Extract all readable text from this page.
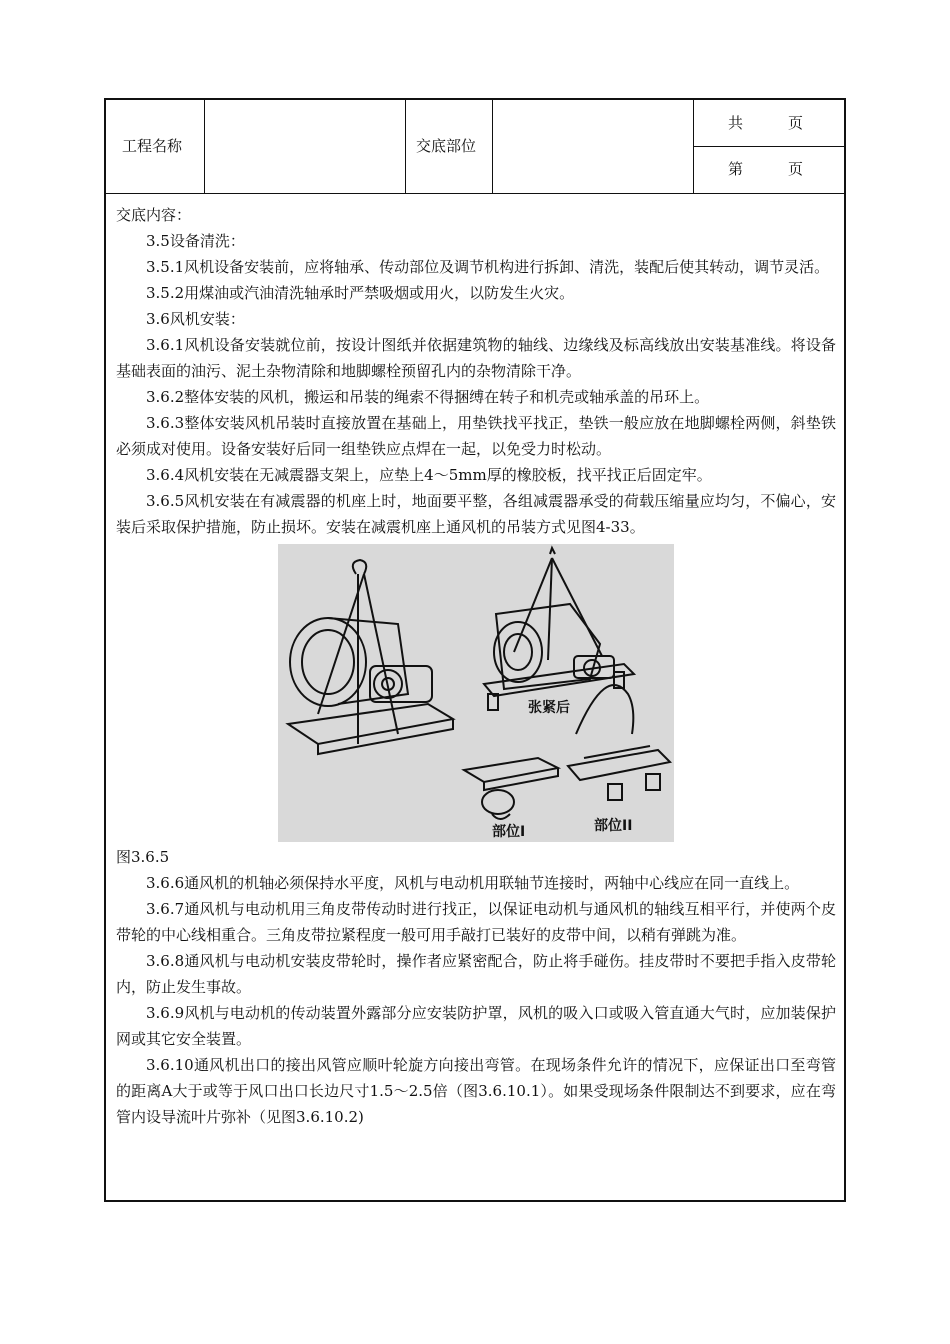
工程名称	交底部位
共　　　页
第　　　页

交底内容：

3.5设备清洗：

3.5.1风机设备安装前，应将轴承、传动部位及调节机构进行拆卸、清洗，装配后使其转动，调节灵活。

3.5.2用煤油或汽油清洗轴承时严禁吸烟或用火，以防发生火灾。

3.6风机安装：

3.6.1风机设备安装就位前，按设计图纸并依据建筑物的轴线、边缘线及标高线放出安装基准线。将设备基础表面的油污、泥土杂物清除和地脚螺栓预留孔内的杂物清除干净。

3.6.2整体安装的风机，搬运和吊装的绳索不得捆缚在转子和机壳或轴承盖的吊环上。

3.6.3整体安装风机吊装时直接放置在基础上，用垫铁找平找正，垫铁一般应放在地脚螺栓两侧，斜垫铁必须成对使用。设备安装好后同一组垫铁应点焊在一起，以免受力时松动。

3.6.4风机安装在无减震器支架上，应垫上4～5mm厚的橡胶板，找平找正后固定牢。

3.6.5风机安装在有减震器的机座上时，地面要平整，各组减震器承受的荷载压缩量应均匀，不偏心，安装后采取保护措施，防止损坏。安装在减震机座上通风机的吊装方式见图4-33。

张紧后
部位I	部位II

图3.6.5

3.6.6通风机的机轴必须保持水平度，风机与电动机用联轴节连接时，两轴中心线应在同一直线上。

3.6.7通风机与电动机用三角皮带传动时进行找正，以保证电动机与通风机的轴线互相平行，并使两个皮带轮的中心线相重合。三角皮带拉紧程度一般可用手敲打已装好的皮带中间，以稍有弹跳为准。

3.6.8通风机与电动机安装皮带轮时，操作者应紧密配合，防止将手碰伤。挂皮带时不要把手指入皮带轮内，防止发生事故。

3.6.9风机与电动机的传动装置外露部分应安装防护罩，风机的吸入口或吸入管直通大气时，应加装保护网或其它安全装置。

3.6.10通风机出口的接出风管应顺叶轮旋方向接出弯管。在现场条件允许的情况下，应保证出口至弯管的距离A大于或等于风口出口长边尺寸1.5～2.5倍（图3.6.10.1）。如果受现场条件限制达不到要求，应在弯管内设导流叶片弥补（见图3.6.10.2)
